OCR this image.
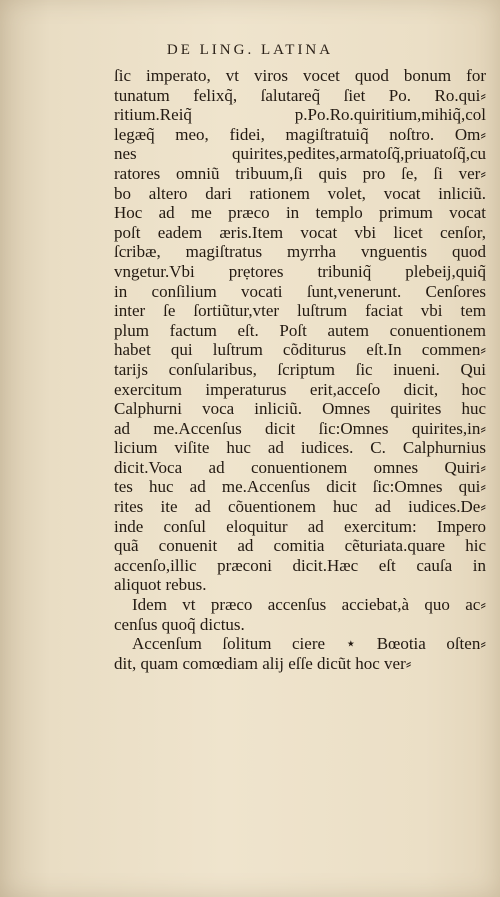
DE LING. LATINA
ſic imperato, vt viros vocet quod bonum for
tunatum felixq̃, ſalutareq̃ ſiet Po. Ro.qui⸗
ritium.Reiq̃ p.Po.Ro.quiritium,mihiq̃,col
legæq̃ meo, fidei, magiſtratuiq̃ noſtro. Om⸗
nes quirites,pedites,armatoſq̃,priuatoſq̃,cu
ratores omniũ tribuum,ſi quis pro ſe, ſi ver⸗
bo altero dari rationem volet, vocat inliciũ.
Hoc ad me præco in templo primum vocat
poſt eadem æris.Item vocat vbi licet cenſor,
ſcribæ, magiſtratus myrrha vnguentis quod
vngetur.Vbi prẹtores tribuniq̃ plebeij,quiq̃
in conſilium vocati ſunt,venerunt. Cenſores
inter ſe ſortiũtur,vter luſtrum faciat vbi tem
plum factum eſt. Poſt autem conuentionem
habet qui luſtrum cõditurus eſt.In commen⸗
tarijs conſularibus, ſcriptum ſic inueni. Qui
exercitum imperaturus erit,acceſo dicit, hoc
Calphurni voca inliciũ. Omnes quirites huc
ad me.Accenſus dicit ſic:Omnes quirites,in⸗
licium viſite huc ad iudices. C. Calphurnius
dicit.Voca ad conuentionem omnes Quiri⸗
tes huc ad me.Accenſus dicit ſic:Omnes qui⸗
rites ite ad cõuentionem huc ad iudices.De⸗
inde conſul eloquitur ad exercitum: Impero
quã conuenit ad comitia cẽturiata.quare hic
accenſo,illic præconi dicit.Hæc eſt cauſa in
aliquot rebus.
Idem vt præco accenſus acciebat,à quo ac⸗
cenſus quoq̃ dictus.
Accenſum ſolitum ciere ⋆ Bœotia oſten⸗
dit, quam comœdiam alij eſſe dicũt hoc ver⸗
